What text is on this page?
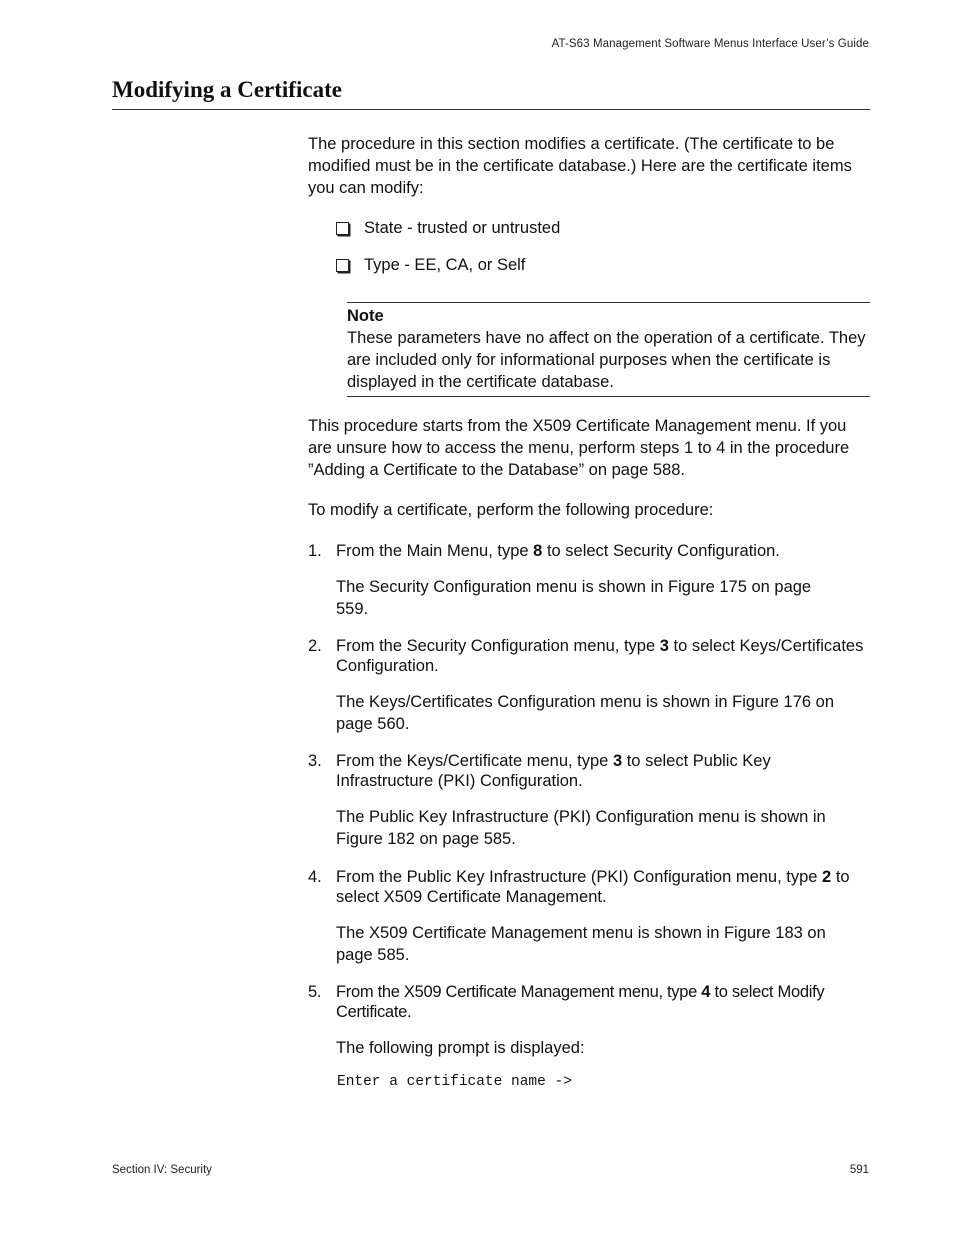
AT-S63 Management Software Menus Interface User’s Guide
Modifying a Certificate

The procedure in this section modifies a certificate. (The certificate to be modified must be in the certificate database.) Here are the certificate items you can modify:

State - trusted or untrusted
Type - EE, CA, or Self
Note
These parameters have no affect on the operation of a certificate. They are included only for informational purposes when the certificate is displayed in the certificate database.

This procedure starts from the X509 Certificate Management menu. If you are unsure how to access the menu, perform steps 1 to 4 in the procedure ”Adding a Certificate to the Database” on page 588.

To modify a certificate, perform the following procedure:

1. From the Main Menu, type 8 to select Security Configuration.
The Security Configuration menu is shown in Figure 175 on page 559.
2. From the Security Configuration menu, type 3 to select Keys/Certificates Configuration.
The Keys/Certificates Configuration menu is shown in Figure 176 on page 560.
3. From the Keys/Certificate menu, type 3 to select Public Key Infrastructure (PKI) Configuration.
The Public Key Infrastructure (PKI) Configuration menu is shown in Figure 182 on page 585.
4. From the Public Key Infrastructure (PKI) Configuration menu, type 2 to select X509 Certificate Management.
The X509 Certificate Management menu is shown in Figure 183 on page 585.
5. From the X509 Certificate Management menu, type 4 to select Modify Certificate.
The following prompt is displayed:
Enter a certificate name ->
Section IV: Security	591
